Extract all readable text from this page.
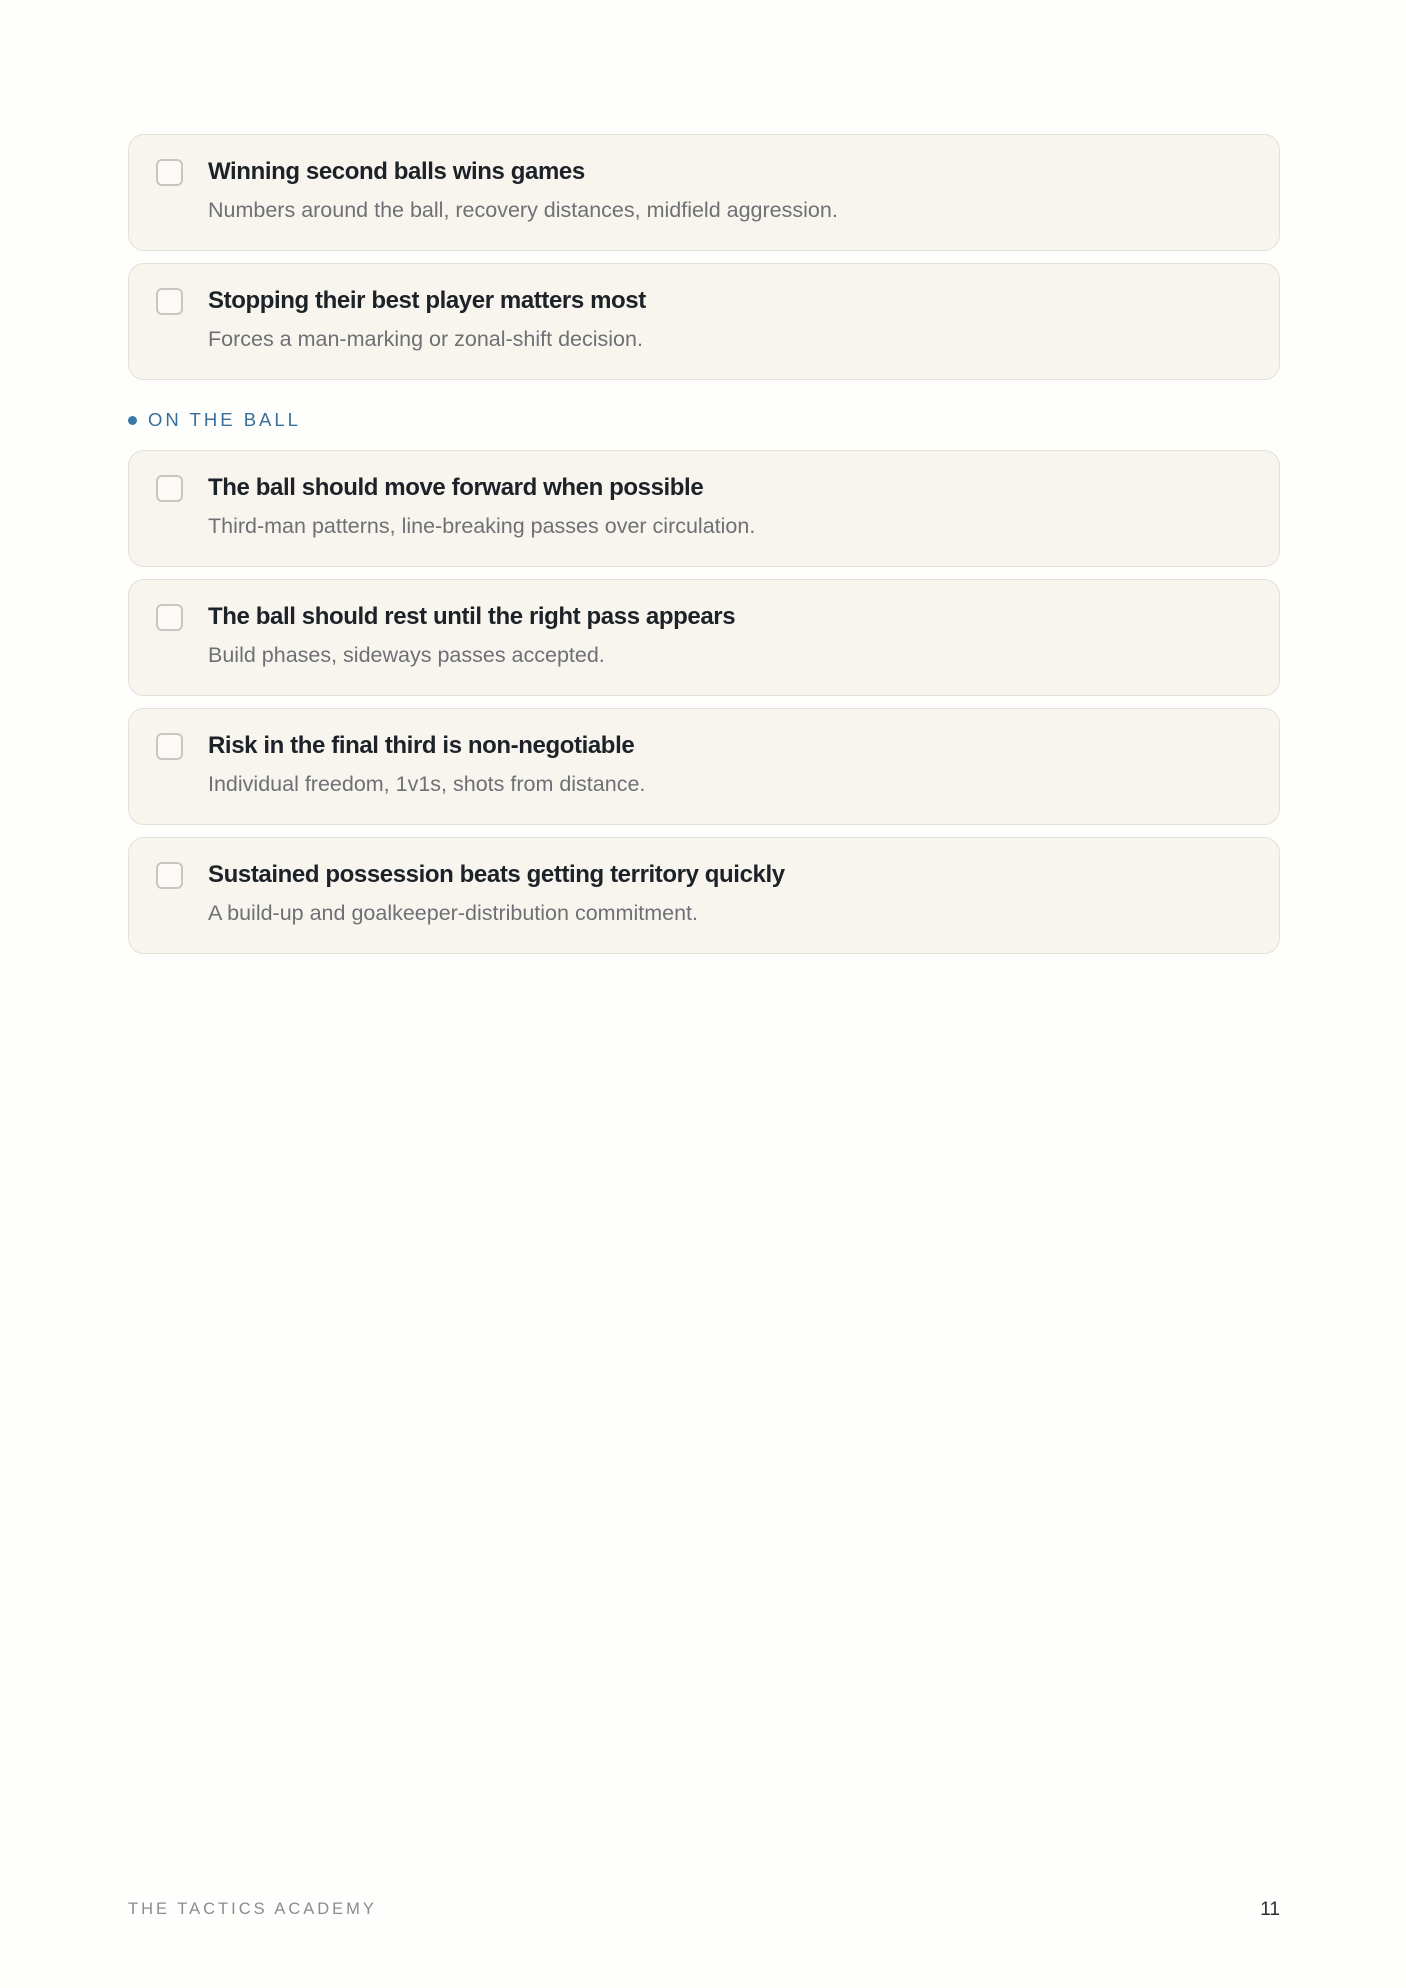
Winning second balls wins games
Numbers around the ball, recovery distances, midfield aggression.
Stopping their best player matters most
Forces a man-marking or zonal-shift decision.
ON THE BALL
The ball should move forward when possible
Third-man patterns, line-breaking passes over circulation.
The ball should rest until the right pass appears
Build phases, sideways passes accepted.
Risk in the final third is non-negotiable
Individual freedom, 1v1s, shots from distance.
Sustained possession beats getting territory quickly
A build-up and goalkeeper-distribution commitment.
THE TACTICS ACADEMY	11
